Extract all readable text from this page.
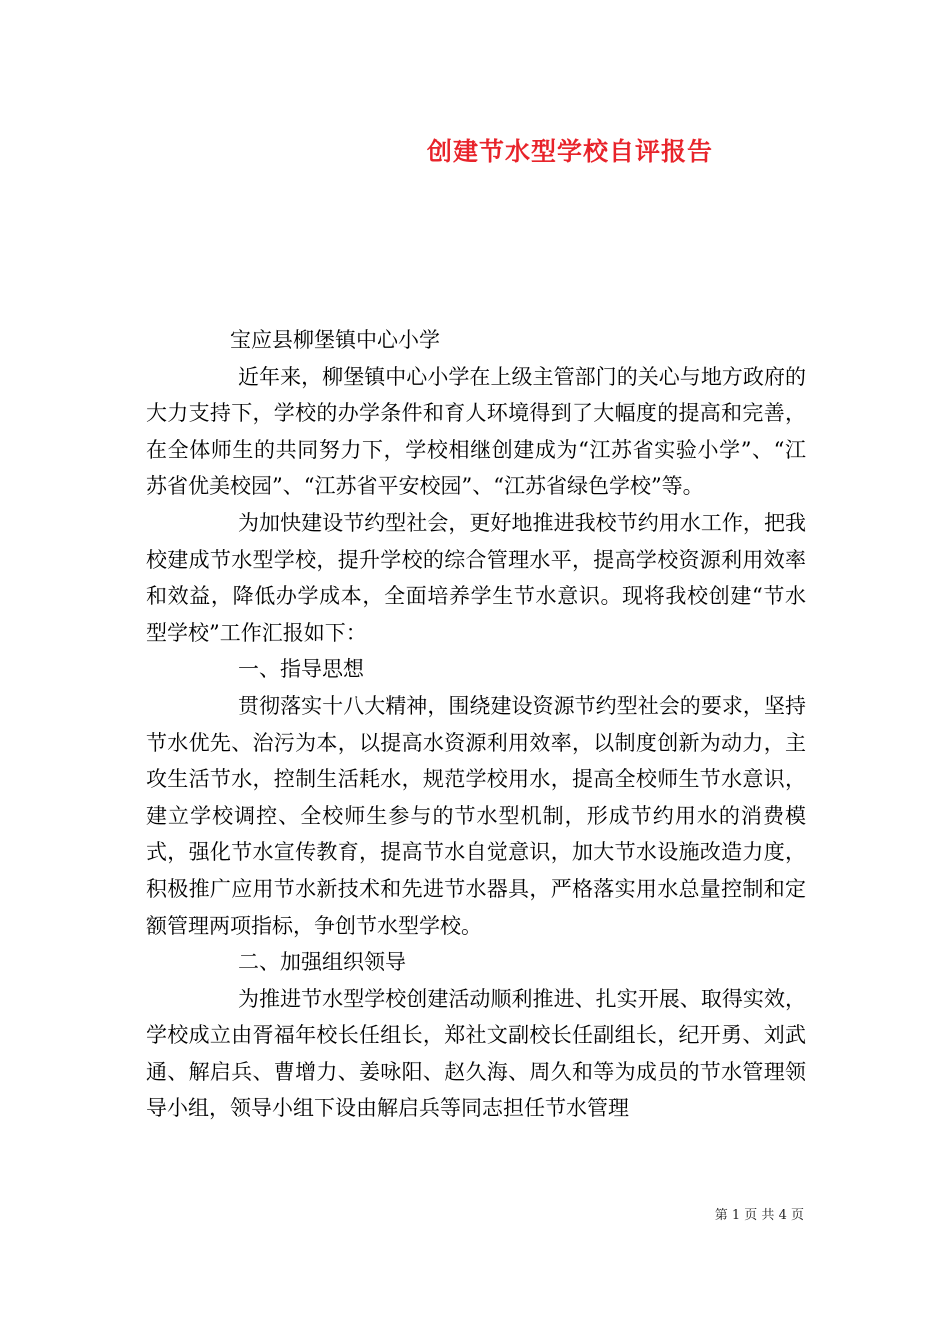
创建节水型学校自评报告

宝应县柳堡镇中心小学

近年来，柳堡镇中心小学在上级主管部门的关心与地方政府的大力支持下，学校的办学条件和育人环境得到了大幅度的提高和完善，在全体师生的共同努力下，学校相继创建成为“江苏省实验小学”、“江苏省优美校园”、“江苏省平安校园”、“江苏省绿色学校”等。

为加快建设节约型社会，更好地推进我校节约用水工作，把我校建成节水型学校，提升学校的综合管理水平，提高学校资源利用效率和效益，降低办学成本，全面培养学生节水意识。现将我校创建“节水型学校”工作汇报如下：

一、指导思想

贯彻落实十八大精神，围绕建设资源节约型社会的要求，坚持节水优先、治污为本，以提高水资源利用效率，以制度创新为动力，主攻生活节水，控制生活耗水，规范学校用水，提高全校师生节水意识，建立学校调控、全校师生参与的节水型机制，形成节约用水的消费模式，强化节水宣传教育，提高节水自觉意识，加大节水设施改造力度，积极推广应用节水新技术和先进节水器具，严格落实用水总量控制和定额管理两项指标，争创节水型学校。

二、加强组织领导

为推进节水型学校创建活动顺利推进、扎实开展、取得实效，学校成立由胥福年校长任组长，郑社文副校长任副组长，纪开勇、刘武通、解启兵、曹增力、姜咏阳、赵久海、周久和等为成员的节水管理领导小组，领导小组下设由解启兵等同志担任节水管理

第 1 页 共 4 页
